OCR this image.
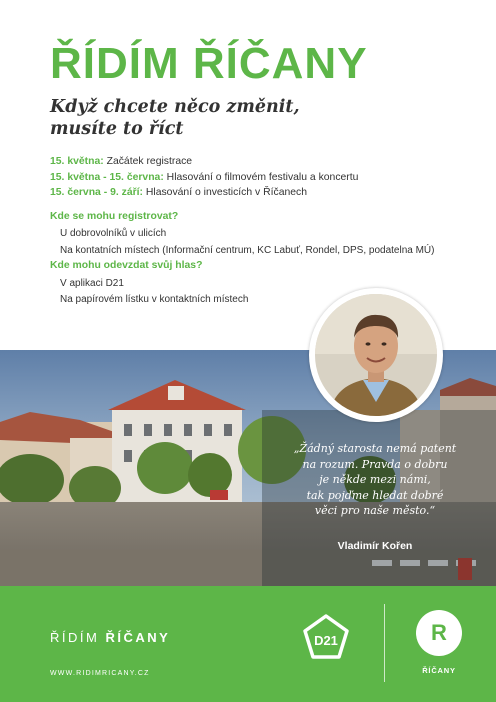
ŘÍDÍM ŘÍČANY
Když chcete něco změnit,
musíte to říct
15. května: Začátek registrace
15. května - 15. června: Hlasování o filmovém festivalu a koncertu
15. června - 9. září: Hlasování o investicích v Říčanech
Kde se mohu registrovat?
U dobrovolníků v ulicích
Na kontatních místech (Informační centrum, KC Labuť, Rondel, DPS, podatelna MÚ)
Kde mohu odevzdat svůj hlas?
V aplikaci D21
Na papírovém lístku v kontaktních místech
„Žádný starosta nemá patent
na rozum. Pravda o dobru
je někde mezi námi,
tak pojďme hledat dobré
věci pro naše město.“
Vladimír Kořen
ŘÍDÍM ŘÍČANY
WWW.RIDIMRICANY.CZ
D21	R
ŘÍČANY
